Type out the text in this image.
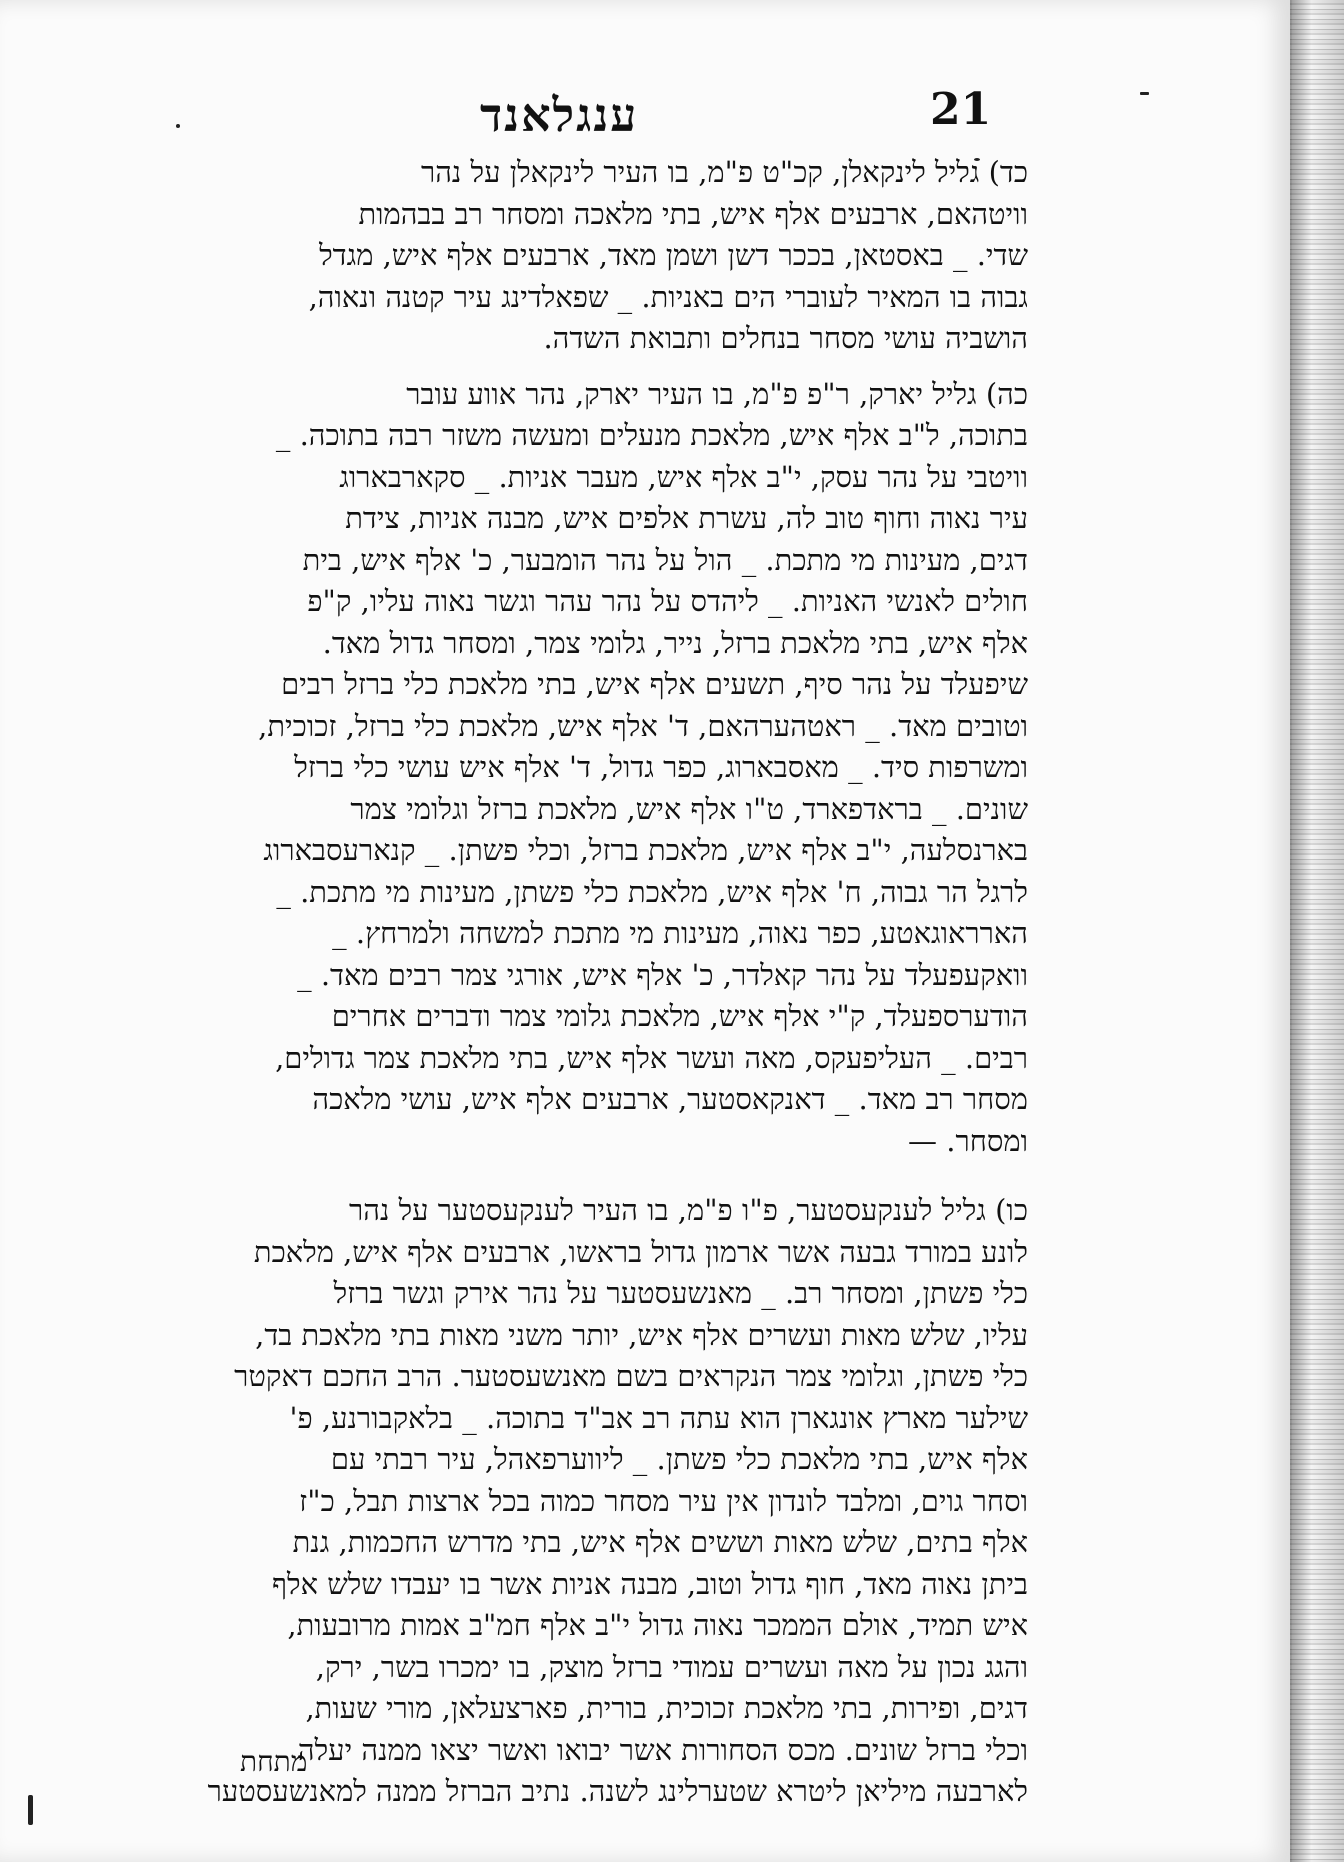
ענגלאנד	21

כד) גליל לינקאלן, קכ"ט פ"מ, בו העיר לינקאלן על נהר

וויטהאם, ארבעים אלף איש, בתי מלאכה ומסחר רב בבהמות

שדי. _ באסטאן, בככר דשן ושמן מאד, ארבעים אלף איש, מגדל

גבוה בו המאיר לעוברי הים באניות. _ שפאלדינג עיר קטנה ונאוה,

הושביה עושי מסחר בנחלים ותבואת השדה.

כה) גליל יארק, ר"פ פ"מ, בו העיר יארק, נהר אווע עובר

בתוכה, ל"ב אלף איש, מלאכת מנעלים ומעשה משזר רבה בתוכה. _

וויטבי על נהר עסק, י"ב אלף איש, מעבר אניות. _ סקארבארוג

עיר נאוה וחוף טוב לה, עשרת אלפים איש, מבנה אניות, צידת

דגים, מעינות מי מתכת. _ הול על נהר הומבער, כ' אלף איש, בית

חולים לאנשי האניות. _ ליהדס על נהר עהר וגשר נאוה עליו, ק"פ

אלף איש, בתי מלאכת ברזל, נייר, גלומי צמר, ומסחר גדול מאד.

שיפעלד על נהר סיף, תשעים אלף איש, בתי מלאכת כלי ברזל רבים

וטובים מאד. _ ראטהערהאם, ד' אלף איש, מלאכת כלי ברזל, זכוכית,

ומשרפות סיד. _ מאסבארוג, כפר גדול, ד' אלף איש עושי כלי ברזל

שונים. _ בראדפארד, ט"ו אלף איש, מלאכת ברזל וגלומי צמר

בארנסלעה, י"ב אלף איש, מלאכת ברזל, וכלי פשתן. _ קנארעסבארוג

לרגל הר גבוה, ח' אלף איש, מלאכת כלי פשתן, מעינות מי מתכת. _

הארראוגאטע, כפר נאוה, מעינות מי מתכת למשחה ולמרחץ. _

וואקעפעלד על נהר קאלדר, כ' אלף איש, אורגי צמר רבים מאד. _

הודערספעלד, ק"י אלף איש, מלאכת גלומי צמר ודברים אחרים

רבים. _ העליפעקס, מאה ועשר אלף איש, בתי מלאכת צמר גדולים,

מסחר רב מאד. _ דאנקאסטער, ארבעים אלף איש, עושי מלאכה

ומסחר. —

כו) גליל לענקעסטער, פ"ו פ"מ, בו העיר לענקעסטער על נהר

לונע במורד גבעה אשר ארמון גדול בראשו, ארבעים אלף איש, מלאכת

כלי פשתן, ומסחר רב. _ מאנשעסטער על נהר אירק וגשר ברזל

עליו, שלש מאות ועשרים אלף איש, יותר משני מאות בתי מלאכת בד,

כלי פשתן, וגלומי צמר הנקראים בשם מאנשעסטער. הרב החכם דאקטר

שילער מארץ אונגארן הוא עתה רב אב"ד בתוכה. _ בלאקבורנע, פ'

אלף איש, בתי מלאכת כלי פשתן. _ ליווערפאהל, עיר רבתי עם

וסחר גוים, ומלבד לונדון אין עיר מסחר כמוה בכל ארצות תבל, כ"ז

אלף בתים, שלש מאות וששים אלף איש, בתי מדרש החכמות, גנת

ביתן נאוה מאד, חוף גדול וטוב, מבנה אניות אשר בו יעבדו שלש אלף

איש תמיד, אולם הממכר נאוה גדול י"ב אלף חמ"ב אמות מרובעות,

והגג נכון על מאה ועשרים עמודי ברזל מוצק, בו ימכרו בשר, ירק,

דגים, ופירות, בתי מלאכת זכוכית, בורית, פארצעלאן, מורי שעות,

וכלי ברזל שונים. מכס הסחורות אשר יבואו ואשר יצאו ממנה יעלה

לארבעה מיליאן ליטרא שטערלינג לשנה. נתיב הברזל ממנה למאנשעסטער

מתחת
